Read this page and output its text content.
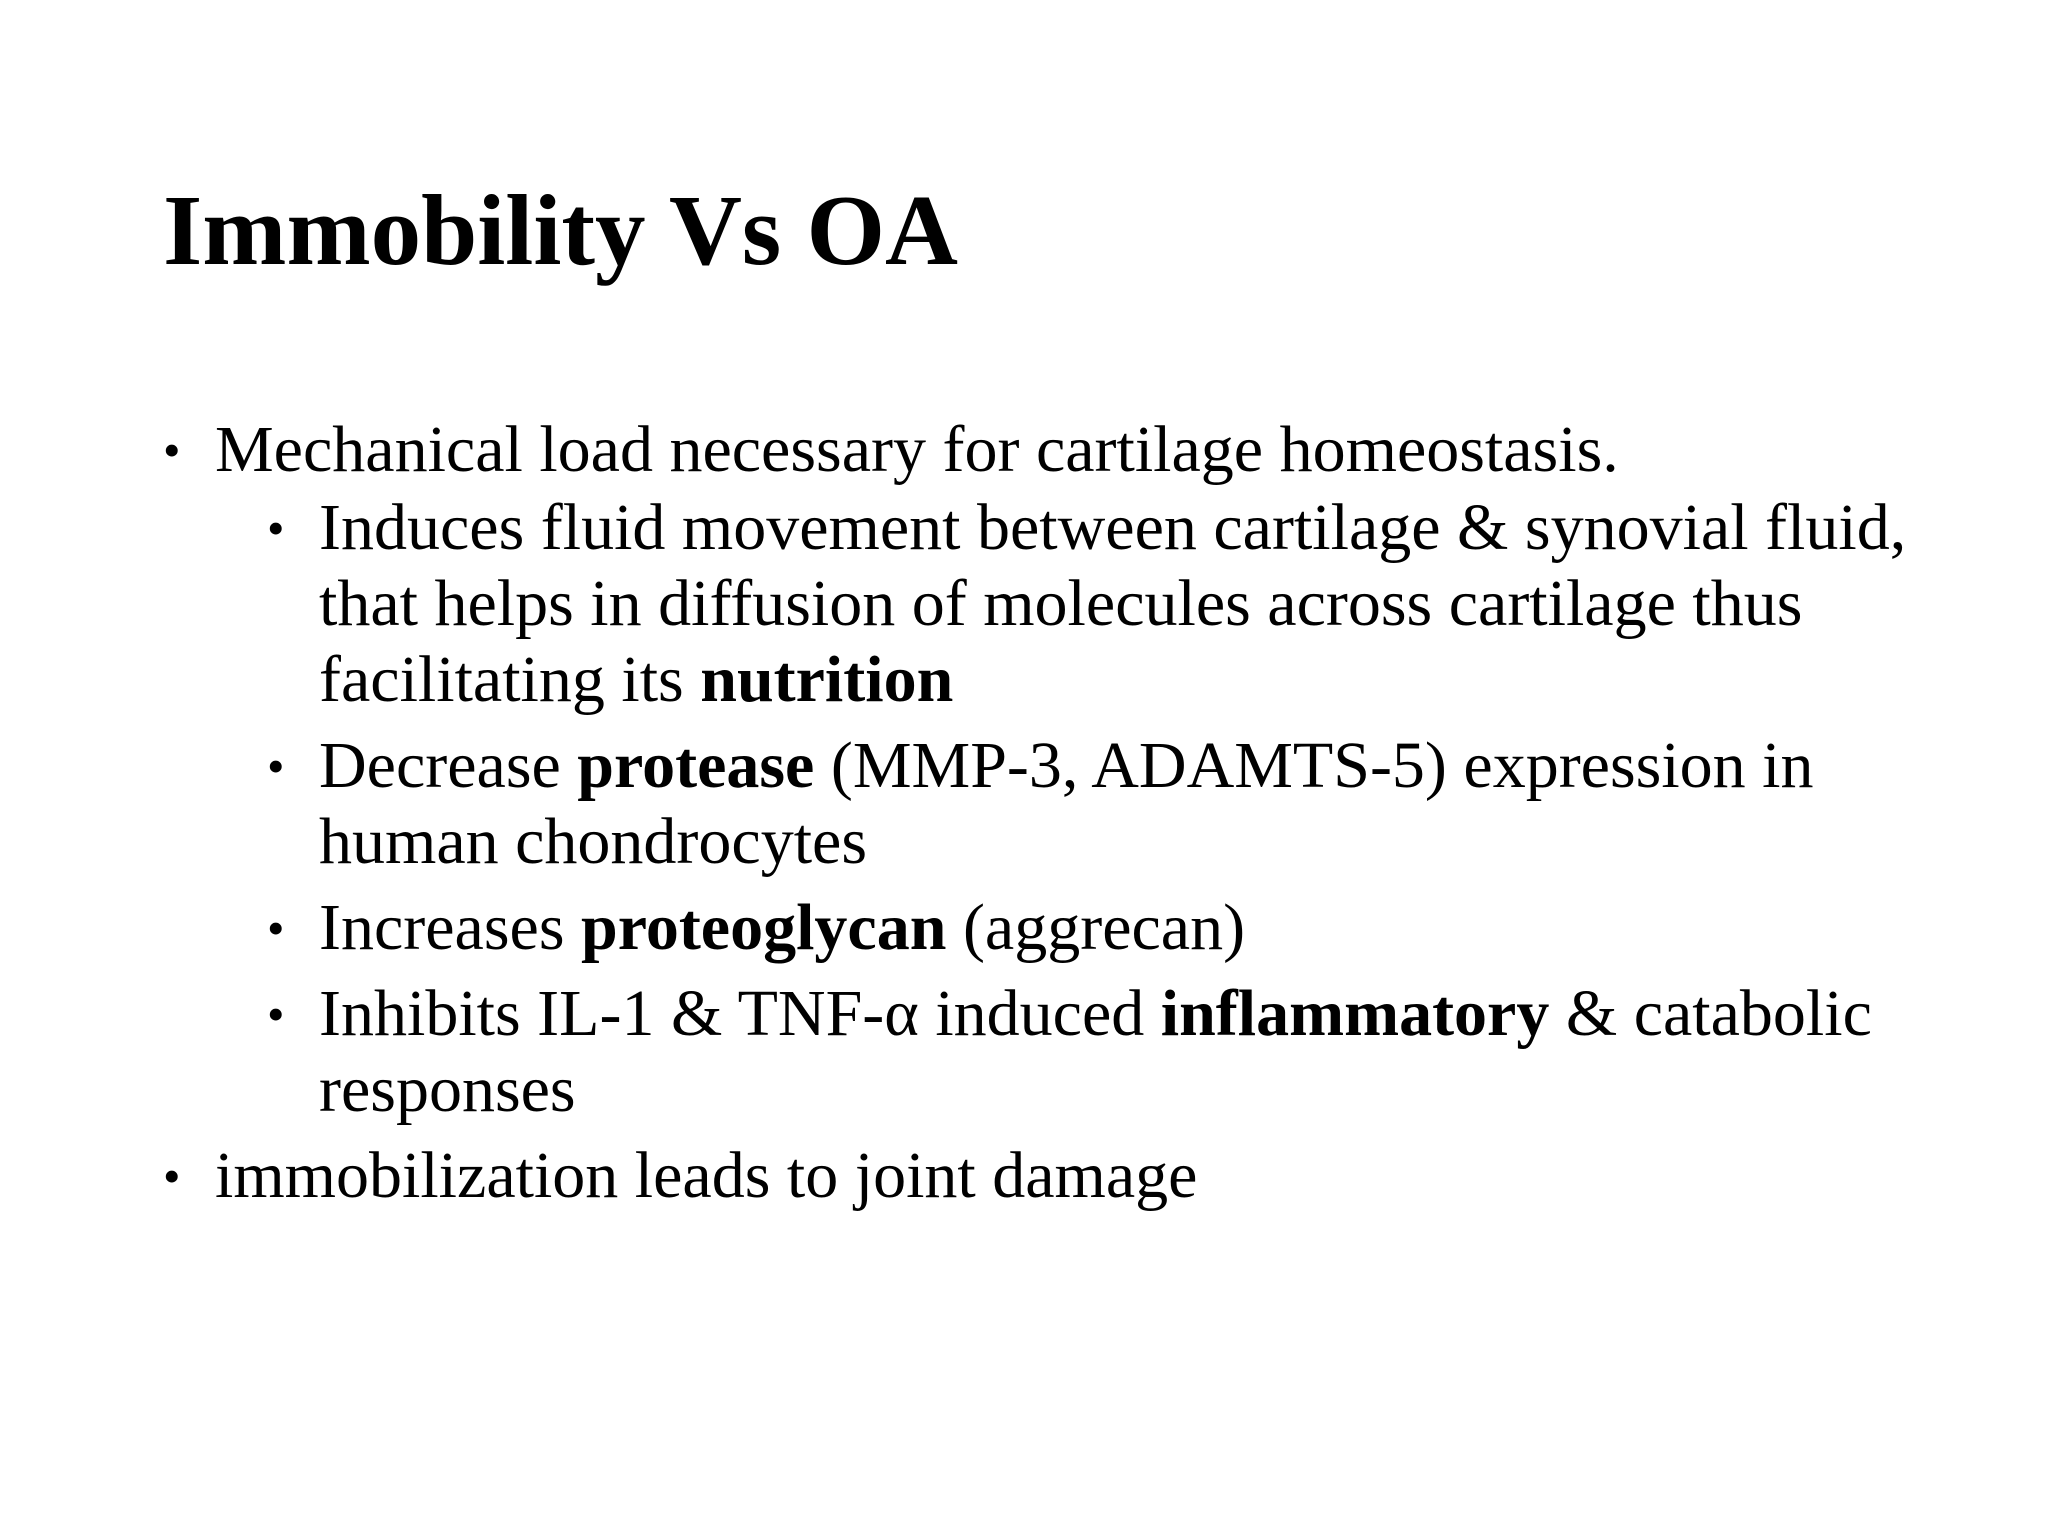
Immobility Vs OA
• Mechanical load necessary for cartilage homeostasis.
• Induces fluid movement between cartilage & synovial fluid, that helps in diffusion of molecules across cartilage thus facilitating its nutrition
• Decrease protease (MMP-3, ADAMTS-5) expression in human chondrocytes
• Increases proteoglycan (aggrecan)
• Inhibits IL-1 & TNF-α induced inflammatory & catabolic responses
• immobilization leads to joint damage
